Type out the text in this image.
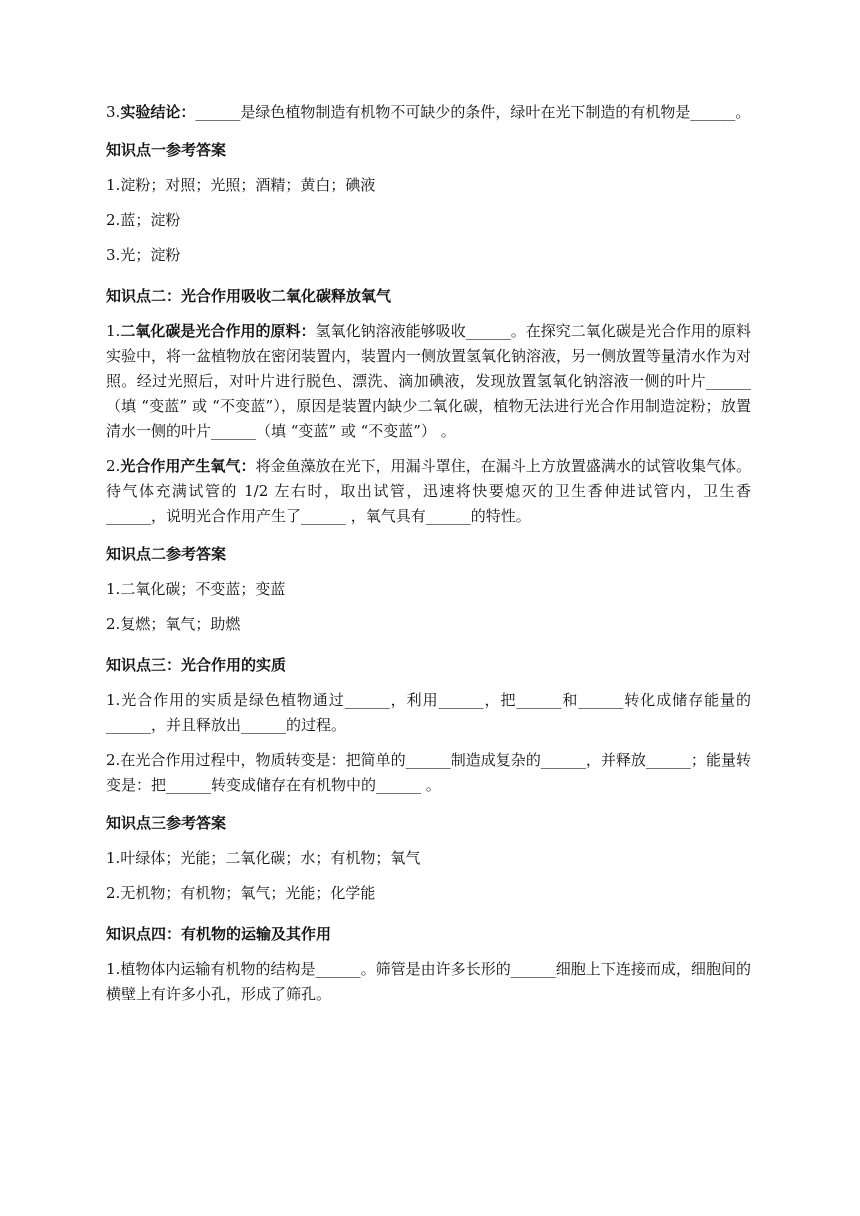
3.实验结论：______是绿色植物制造有机物不可缺少的条件，绿叶在光下制造的有机物是______。

知识点一参考答案

1.淀粉；对照；光照；酒精；黄白；碘液

2.蓝；淀粉

3.光；淀粉

知识点二：光合作用吸收二氧化碳释放氧气

1.二氧化碳是光合作用的原料：氢氧化钠溶液能够吸收______。在探究二氧化碳是光合作用的原料实验中，将一盆植物放在密闭装置内，装置内一侧放置氢氧化钠溶液，另一侧放置等量清水作为对照。经过光照后，对叶片进行脱色、漂洗、滴加碘液，发现放置氢氧化钠溶液一侧的叶片______（填 “变蓝” 或 “不变蓝”），原因是装置内缺少二氧化碳，植物无法进行光合作用制造淀粉；放置清水一侧的叶片______（填 “变蓝” 或 “不变蓝”） 。

2.光合作用产生氧气：将金鱼藻放在光下，用漏斗罩住，在漏斗上方放置盛满水的试管收集气体。待气体充满试管的 1/2 左右时，取出试管，迅速将快要熄灭的卫生香伸进试管内，卫生香______，说明光合作用产生了______ ，氧气具有______的特性。

知识点二参考答案

1.二氧化碳；不变蓝；变蓝

2.复燃；氧气；助燃

知识点三：光合作用的实质

1.光合作用的实质是绿色植物通过______，利用______，把______和______转化成储存能量的______，并且释放出______的过程。

2.在光合作用过程中，物质转变是：把简单的______制造成复杂的______，并释放______；能量转变是：把______转变成储存在有机物中的______ 。

知识点三参考答案

1.叶绿体；光能；二氧化碳；水；有机物；氧气

2.无机物；有机物；氧气；光能；化学能

知识点四：有机物的运输及其作用

1.植物体内运输有机物的结构是______。筛管是由许多长形的______细胞上下连接而成，细胞间的横壁上有许多小孔，形成了筛孔。
